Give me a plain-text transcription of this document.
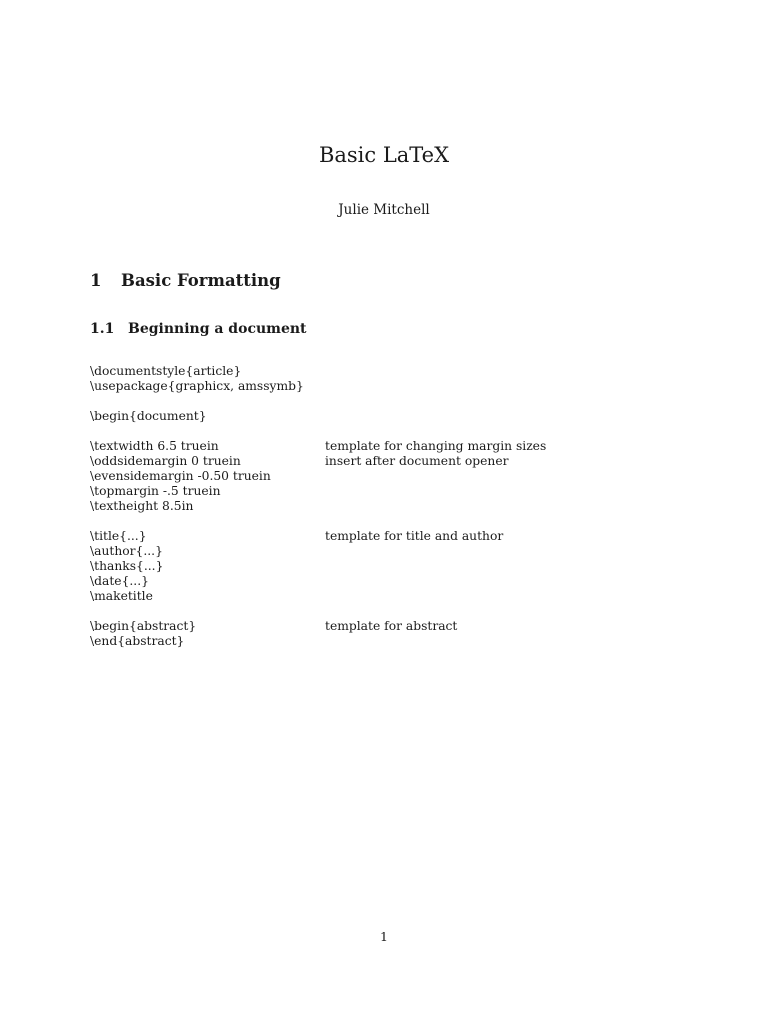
Basic LaTeX
Julie Mitchell
1 Basic Formatting
1.1 Beginning a document
\documentstyle{article}
\usepackage{graphicx, amssymb}
\begin{document}
\textwidth 6.5 truein	template for changing margin sizes
\oddsidemargin 0 truein	insert after document opener
\evensidemargin -0.50 truein
\topmargin -.5 truein
\textheight 8.5in
\title{...}	template for title and author
\author{...}
\thanks{...}
\date{...}
\maketitle
\begin{abstract}	template for abstract
\end{abstract}
1
